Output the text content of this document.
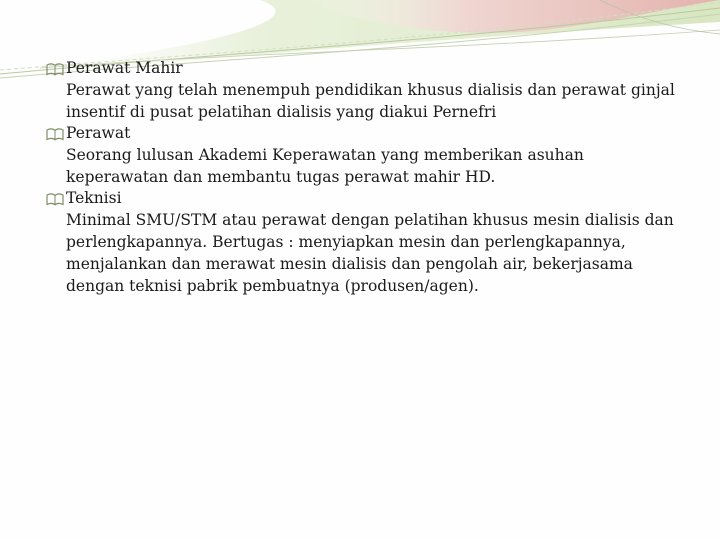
Perawat Mahir
Perawat yang telah menempuh pendidikan khusus dialisis dan perawat ginjal
insentif di pusat pelatihan dialisis yang diakui Pernefri
Perawat
Seorang lulusan Akademi Keperawatan yang memberikan asuhan
keperawatan dan membantu tugas perawat mahir HD.
Teknisi
Minimal SMU/STM atau perawat dengan pelatihan khusus mesin dialisis dan
perlengkapannya. Bertugas : menyiapkan mesin dan perlengkapannya,
menjalankan dan merawat mesin dialisis dan pengolah air, bekerjasama
dengan teknisi pabrik pembuatnya (produsen/agen).
